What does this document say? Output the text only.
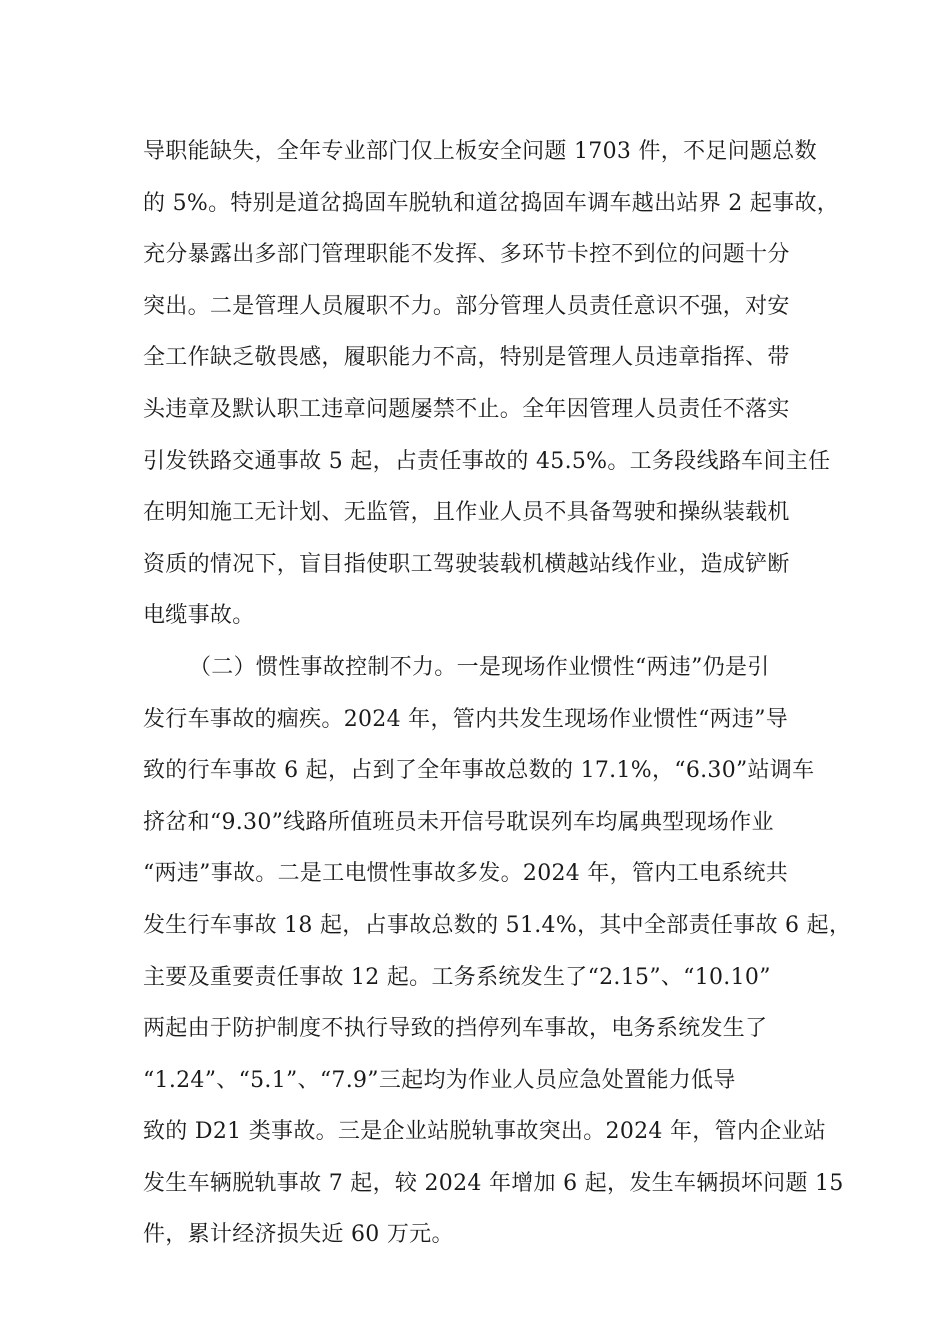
导职能缺失，全年专业部门仅上板安全问题 1703 件，不足问题总数
的 5%。特别是道岔捣固车脱轨和道岔捣固车调车越出站界 2 起事故，
充分暴露出多部门管理职能不发挥、多环节卡控不到位的问题十分
突出。二是管理人员履职不力。部分管理人员责任意识不强，对安
全工作缺乏敬畏感，履职能力不高，特别是管理人员违章指挥、带
头违章及默认职工违章问题屡禁不止。全年因管理人员责任不落实
引发铁路交通事故 5 起，占责任事故的 45.5%。工务段线路车间主任
在明知施工无计划、无监管，且作业人员不具备驾驶和操纵装载机
资质的情况下，盲目指使职工驾驶装载机横越站线作业，造成铲断
电缆事故。
（二）惯性事故控制不力。一是现场作业惯性“两违”仍是引
发行车事故的痼疾。2024 年，管内共发生现场作业惯性“两违”导
致的行车事故 6 起，占到了全年事故总数的 17.1%，“6.30”站调车
挤岔和“9.30”线路所值班员未开信号耽误列车均属典型现场作业
“两违”事故。二是工电惯性事故多发。2024 年，管内工电系统共
发生行车事故 18 起，占事故总数的 51.4%，其中全部责任事故 6 起，
主要及重要责任事故 12 起。工务系统发生了“2.15”、“10.10”
两起由于防护制度不执行导致的挡停列车事故，电务系统发生了
“1.24”、“5.1”、“7.9”三起均为作业人员应急处置能力低导
致的 D21 类事故。三是企业站脱轨事故突出。2024 年，管内企业站
发生车辆脱轨事故 7 起，较 2024 年增加 6 起，发生车辆损坏问题 15
件，累计经济损失近 60 万元。
